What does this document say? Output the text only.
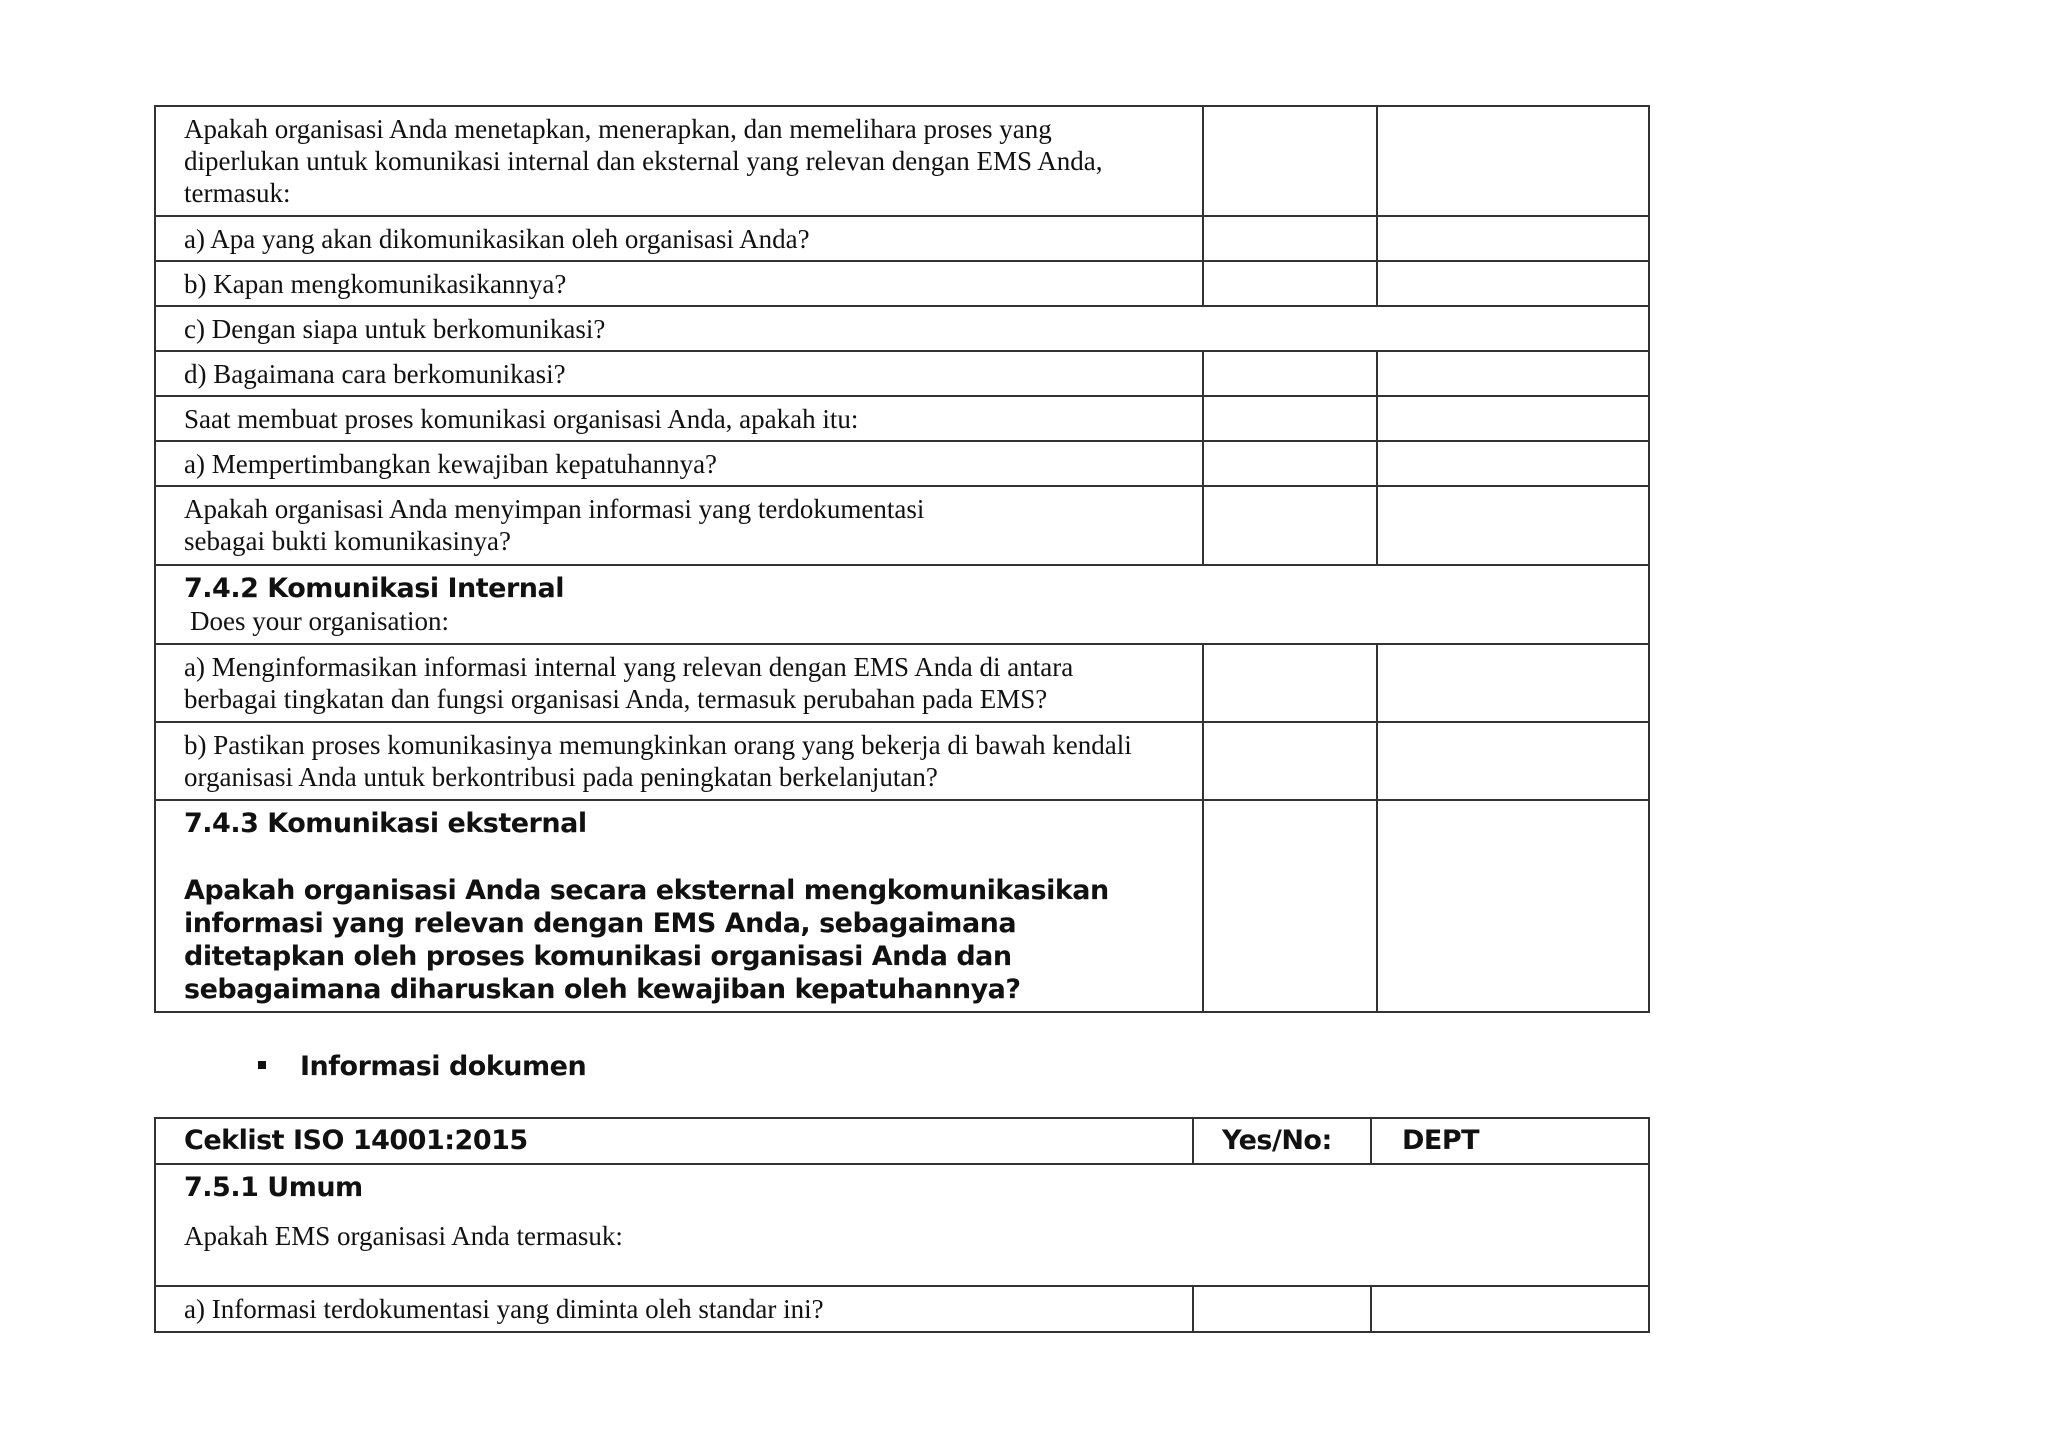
Apakah organisasi Anda menetapkan, menerapkan, dan memelihara proses yang diperlukan untuk komunikasi internal dan eksternal yang relevan dengan EMS Anda, termasuk:		
a) Apa yang akan dikomunikasikan oleh organisasi Anda?		
b) Kapan mengkomunikasikannya?		
c) Dengan siapa untuk berkomunikasi?		
d) Bagaimana cara berkomunikasi?		
Saat membuat proses komunikasi organisasi Anda, apakah itu:		
a) Mempertimbangkan kewajiban kepatuhannya?		
Apakah organisasi Anda menyimpan informasi yang terdokumentasi sebagai bukti komunikasinya?		
7.4.2 Komunikasi Internal
Does your organisation:		

a) Menginformasikan informasi internal yang relevan dengan EMS Anda di antara berbagai tingkatan dan fungsi organisasi Anda, termasuk perubahan pada EMS?		
b) Pastikan proses komunikasinya memungkinkan orang yang bekerja di bawah kendali organisasi Anda untuk berkontribusi pada peningkatan berkelanjutan?		
7.4.3 Komunikasi eksternal
Apakah organisasi Anda secara eksternal mengkomunikasikan informasi yang relevan dengan EMS Anda, sebagaimana ditetapkan oleh proses komunikasi organisasi Anda dan sebagaimana diharuskan oleh kewajiban kepatuhannya?		
Informasi dokumen
Ceklist ISO 14001:2015	Yes/No:	DEPT
7.5.1 Umum
Apakah EMS organisasi Anda termasuk:		

a) Informasi terdokumentasi yang diminta oleh standar ini?		
